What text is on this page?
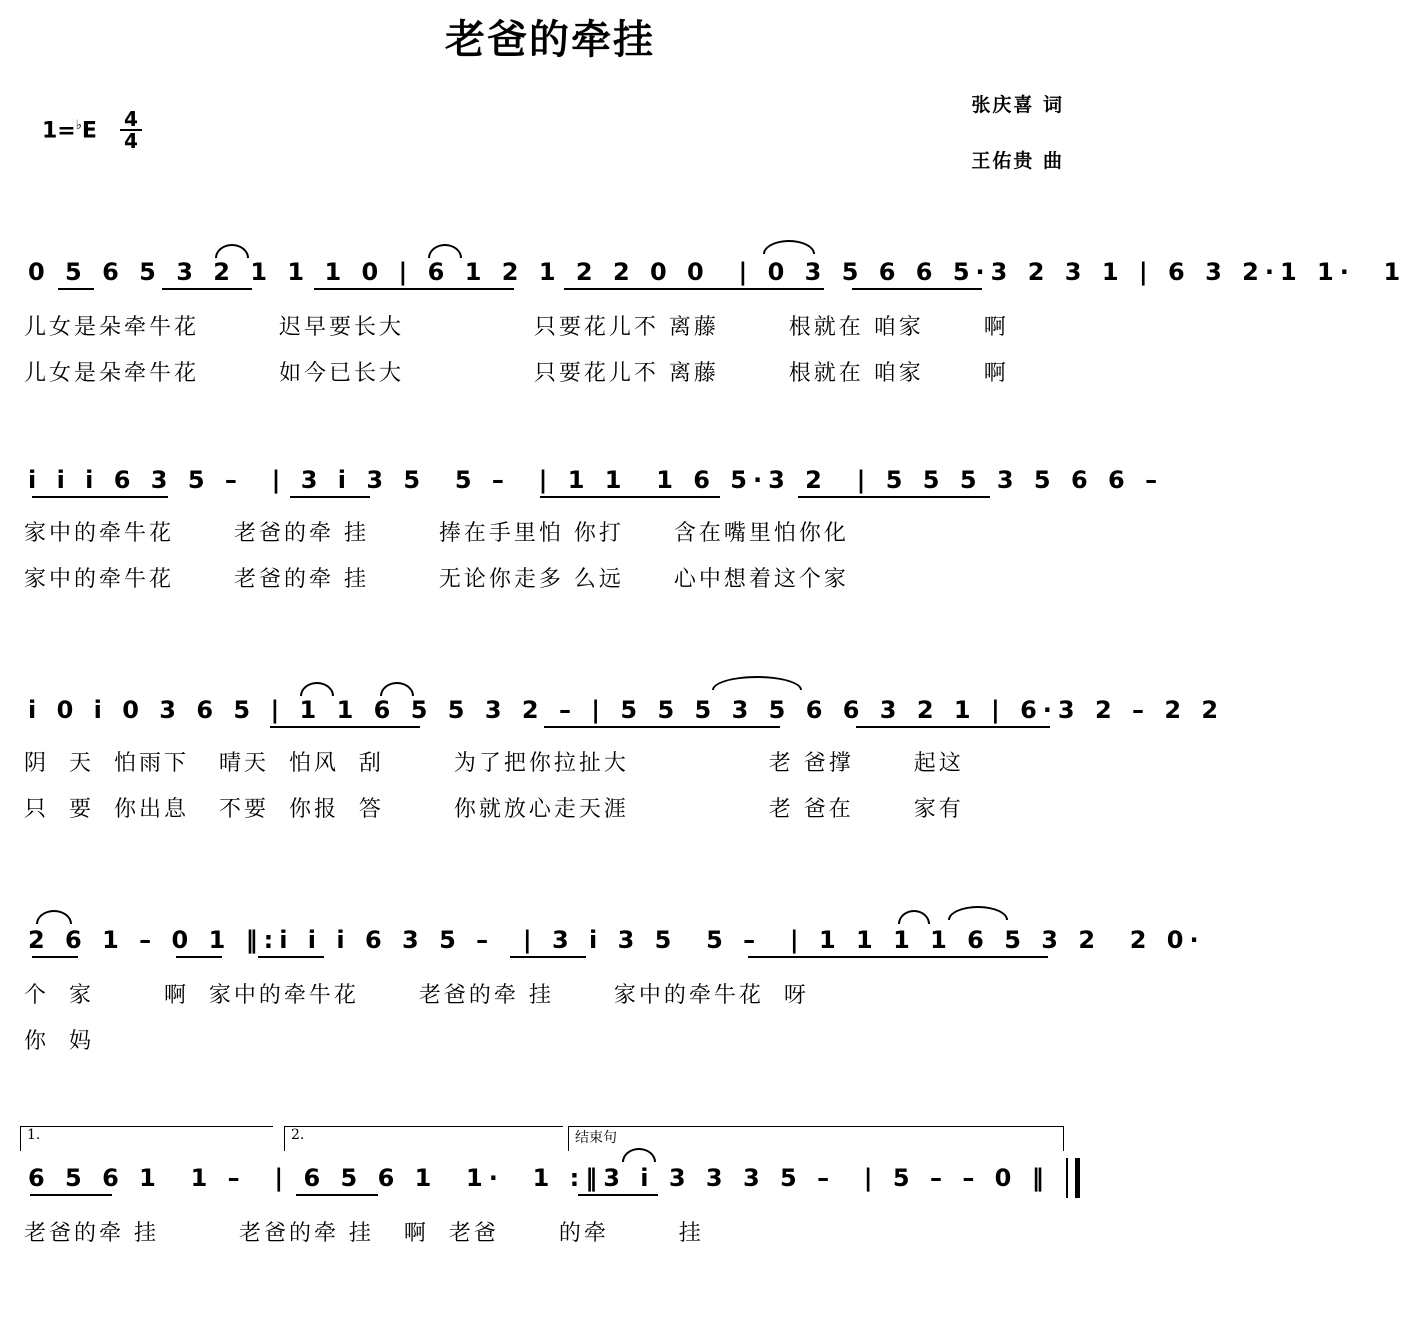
老爸的牵挂
张庆喜 词
王佑贵 曲
1=♭E 4
4
0 5 6 5 3 2 1 1 1 0 | 6 1 2 1 2 2 0 0  | 0 3 5 6 6 5·3 2 3 1 | 6 3 2·1 1·  1
儿女是朵牵牛花        迟早要长大             只要花儿不 离藤       根就在 咱家      啊
儿女是朵牵牛花        如今已长大             只要花儿不 离藤       根就在 咱家      啊
i i i 6 3 5 –  | 3 i 3 5  5 –  | 1 1  1 6 5·3 2  | 5 5 5 3 5 6 6 –
家中的牵牛花      老爸的牵 挂       捧在手里怕 你打     含在嘴里怕你化
家中的牵牛花      老爸的牵 挂       无论你走多 么远     心中想着这个家
i 0 i 0 3 6 5 | 1 1 6 5 5 3 2 – | 5 5 5 3 5 6 6 3 2 1 | 6·3 2 – 2 2
阴  天  怕雨下   晴天  怕风  刮       为了把你拉扯大              老 爸撑      起这
只  要  你出息   不要  你报  答       你就放心走天涯              老 爸在      家有
2 6 1 – 0 1 ‖:i i i 6 3 5 –  | 3 i 3 5  5 –  | 1 1 1 1 6 5 3 2  2 0·
个  家       啊  家中的牵牛花      老爸的牵 挂      家中的牵牛花  呀
你  妈
1.	2.	结束句
6 5 6 1  1 –  | 6 5 6 1  1·  1 :‖3 i 3 3 3 5 –  | 5 – – 0 ‖
老爸的牵 挂        老爸的牵 挂   啊  老爸      的牵       挂
